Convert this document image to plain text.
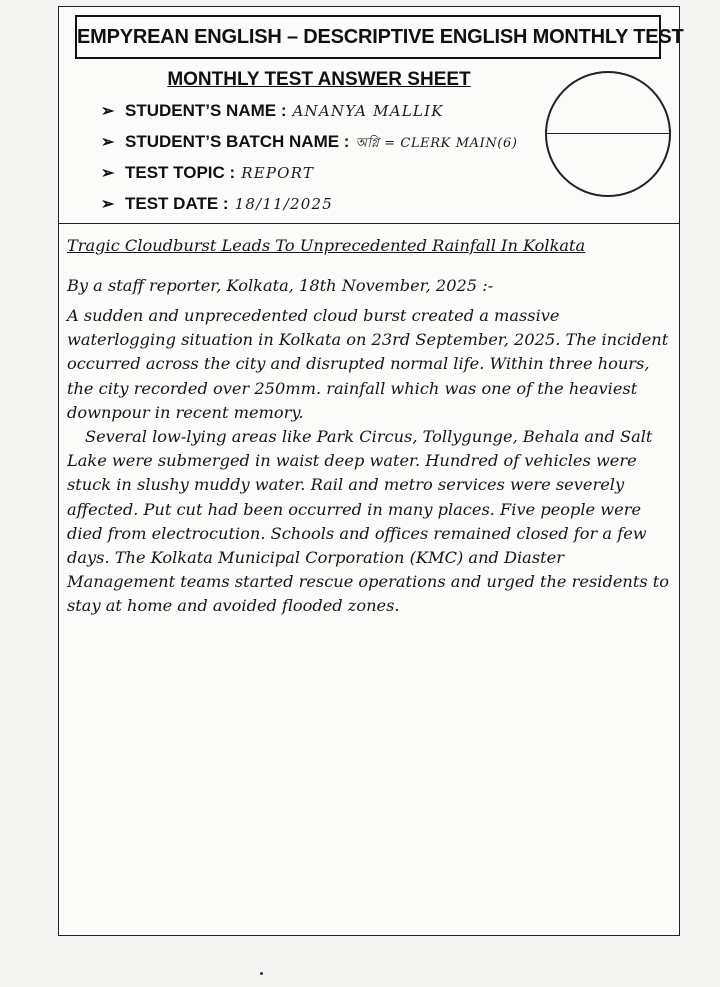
EMPYREAN ENGLISH – DESCRIPTIVE ENGLISH MONTHLY TEST
MONTHLY TEST ANSWER SHEET
➢ STUDENT’S NAME : ANANYA MALLIK
➢ STUDENT’S BATCH NAME : অগ্নি = CLERK MAIN(6)
➢ TEST TOPIC : REPORT
➢ TEST DATE : 18/11/2025
Tragic Cloudburst Leads To Unprecedented Rainfall In Kolkata
By a staff reporter, Kolkata, 18th November, 2025 :-

A sudden and unprecedented cloud burst created a massive waterlogging situation in Kolkata on 23rd September, 2025. The incident occurred across the city and disrupted normal life. Within three hours, the city recorded over 250mm. rainfall which was one of the heaviest downpour in recent memory.

Several low-lying areas like Park Circus, Tollygunge, Behala and Salt Lake were submerged in waist deep water. Hundred of vehicles were stuck in slushy muddy water. Rail and metro services were severely affected. Put cut had been occurred in many places. Five people were died from electrocution. Schools and offices remained closed for a few days. The Kolkata Municipal Corporation (KMC) and Diaster Management teams started rescue operations and urged the residents to stay at home and avoided flooded zones.
